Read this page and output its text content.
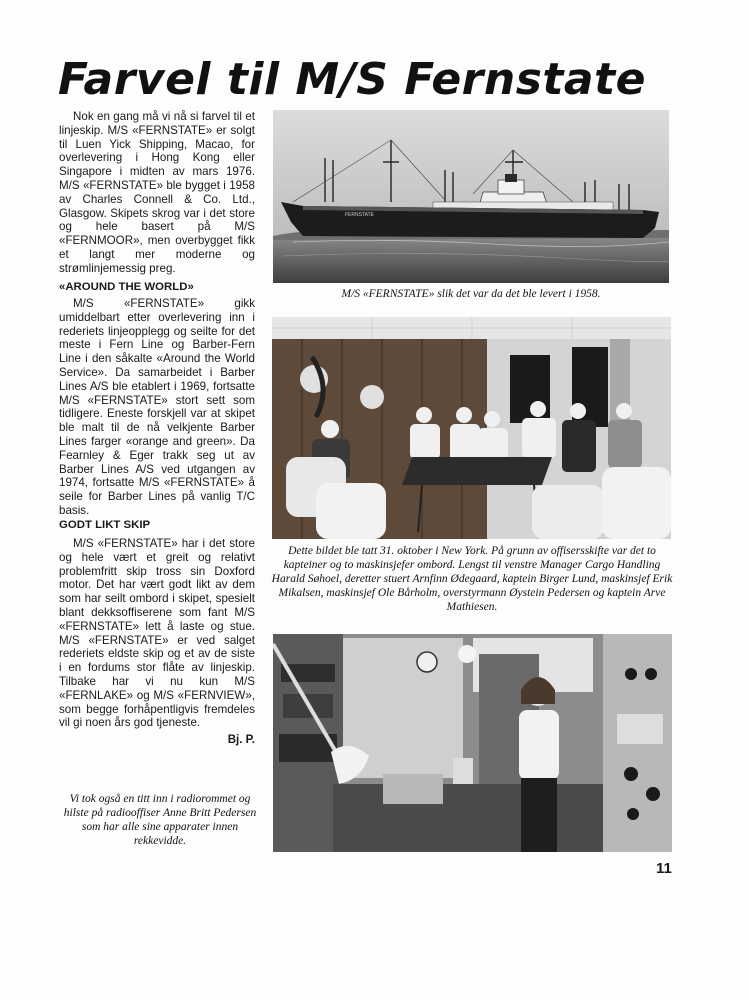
Farvel til M/S Fernstate

Nok en gang må vi nå si farvel til et linjeskip. M/S «FERNSTATE» er solgt til Luen Yick Shipping, Macao, for overlevering i Hong Kong eller Singapore i midten av mars 1976. M/S «FERNSTATE» ble bygget i 1958 av Charles Connell & Co. Ltd., Glasgow. Skipets skrog var i det store og hele basert på M/S «FERNMOOR», men overbygget fikk et langt mer moderne og strømlinjemessig preg.

«AROUND THE WORLD»

M/S «FERNSTATE» gikk umiddelbart etter overlevering inn i rederiets linjeopplegg og seilte for det meste i Fern Line og Barber-Fern Line i den såkalte «Around the World Service». Da samarbeidet i Barber Lines A/S ble etablert i 1969, fortsatte M/S «FERNSTATE» stort sett som tidligere. Eneste forskjell var at skipet ble malt til de nå velkjente Barber Lines farger «orange and green». Da Fearnley & Eger trakk seg ut av Barber Lines A/S ved utgangen av 1974, fortsatte M/S «FERNSTATE» å seile for Barber Lines på vanlig T/C basis.

GODT LIKT SKIP

M/S «FERNSTATE» har i det store og hele vært et greit og relativt problemfritt skip tross sin Doxford motor. Det har vært godt likt av dem som har seilt ombord i skipet, spesielt blant dekksoffiserene som fant M/S «FERNSTATE» lett å laste og stue. M/S «FERNSTATE» er ved salget rederiets eldste skip og et av de siste i en fordums stor flåte av linjeskip. Tilbake har vi nu kun M/S «FERNLAKE» og M/S «FERNVIEW», som begge forhåpentligvis fremdeles vil gi noen års god tjeneste.

Bj. P.
Vi tok også en titt inn i radiorommet og hilste på radiooffiser Anne Britt Pedersen som har alle sine apparater innen rekkevidde.
FERNSTATE
M/S «FERNSTATE» slik det var da det ble levert i 1958.
Dette bildet ble tatt 31. oktober i New York. På grunn av offisersskifte var det to kapteiner og to maskinsjefer ombord. Lengst til venstre Manager Cargo Handling Harald Søhoel, deretter stuert Arnfinn Ødegaard, kaptein Birger Lund, maskinsjef Erik Mikalsen, maskinsjef Ole Bårholm, overstyrmann Øystein Pedersen og kaptein Arve Mathiesen.
11
